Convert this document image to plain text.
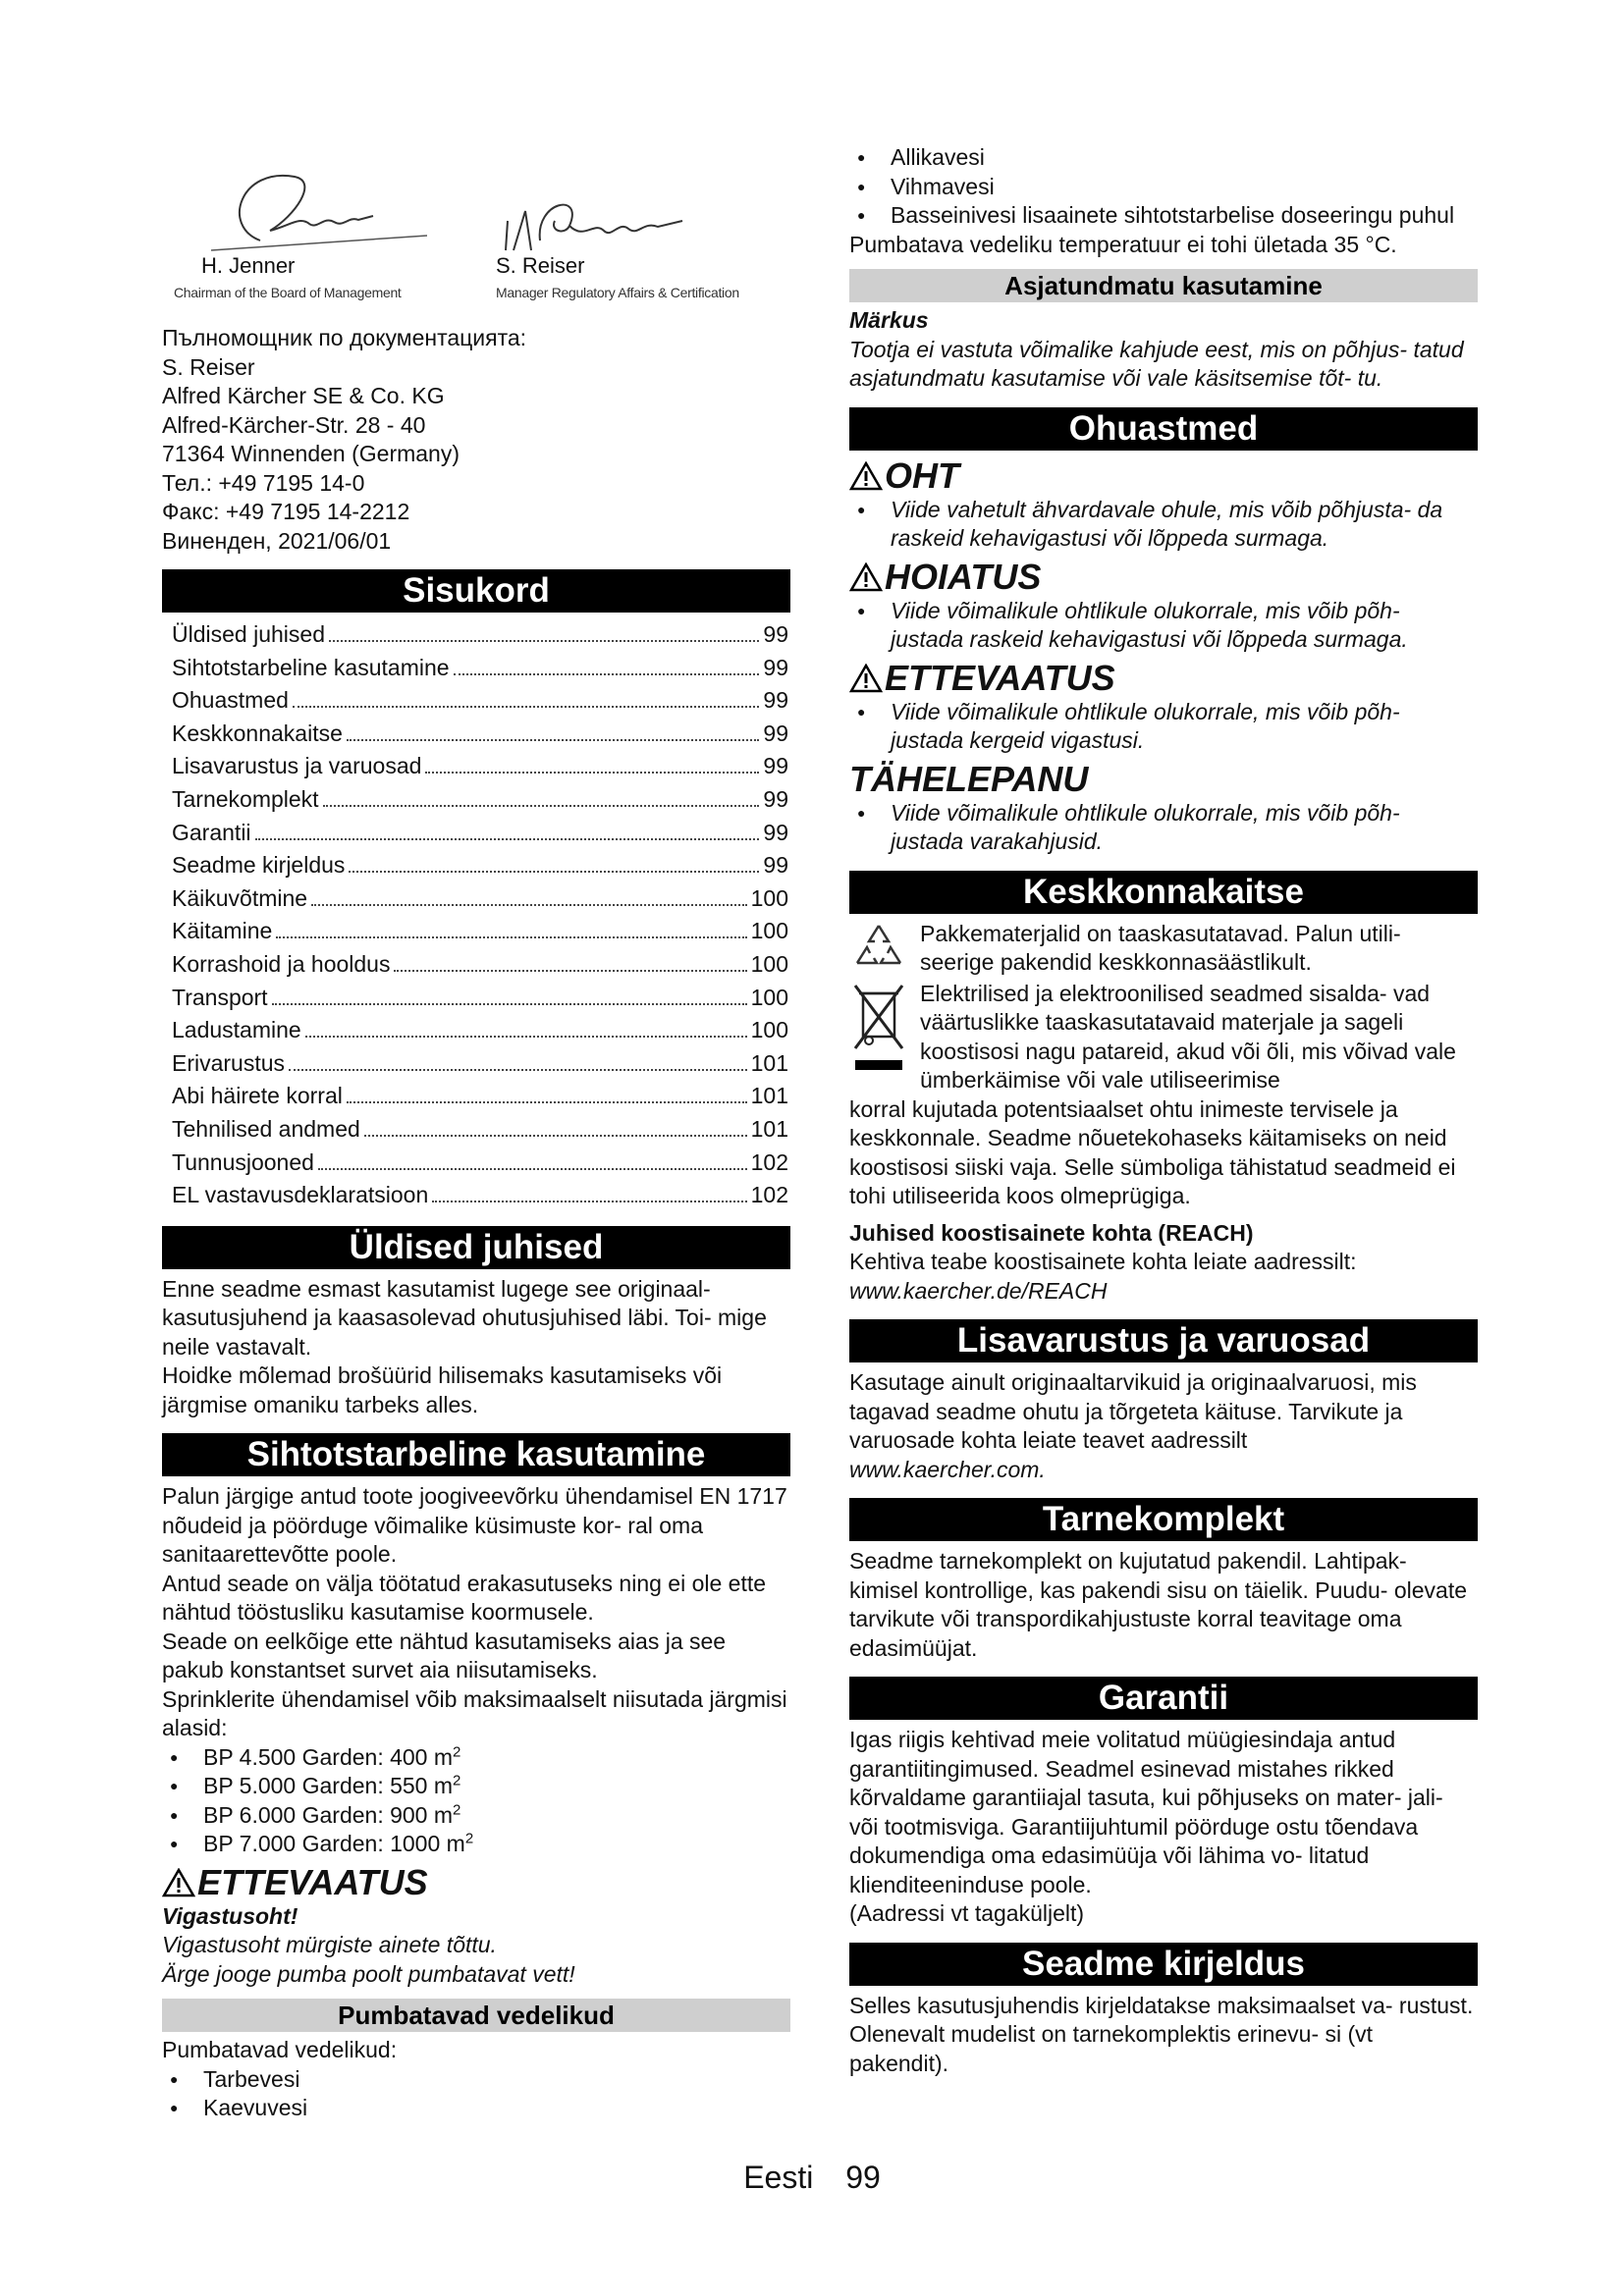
H. Jenner
Chairman of the Board of Management
S. Reiser
Manager Regulatory Affairs & Certification

Пълномощник по документацията:

S. Reiser

Alfred Kärcher SE & Co. KG

Alfred-Kärcher-Str. 28 - 40

71364 Winnenden (Germany)

Тел.: +49 7195 14-0

Факс: +49 7195 14-2212

Виненден, 2021/06/01

Sisukord
Üldised juhised	99
Sihtotstarbeline kasutamine	99
Ohuastmed	99
Keskkonnakaitse	99
Lisavarustus ja varuosad	99
Tarnekomplekt	99
Garantii	99
Seadme kirjeldus	99
Käikuvõtmine	100
Käitamine	100
Korrashoid ja hooldus	100
Transport	100
Ladustamine	100
Erivarustus	101
Abi häirete korral	101
Tehnilised andmed	101
Tunnusjooned	102
EL vastavusdeklaratsioon	102
Üldised juhised

Enne seadme esmast kasutamist lugege see originaal- kasutusjuhend ja kaasasolevad ohutusjuhised läbi. Toi- mige neile vastavalt.

Hoidke mõlemad brošüürid hilisemaks kasutamiseks või järgmise omaniku tarbeks alles.

Sihtotstarbeline kasutamine

Palun järgige antud toote joogiveevõrku ühendamisel EN 1717 nõudeid ja pöörduge võimalike küsimuste kor- ral oma sanitaarettevõtte poole.

Antud seade on välja töötatud erakasutuseks ning ei ole ette nähtud tööstusliku kasutamise koormusele.

Seade on eelkõige ette nähtud kasutamiseks aias ja see pakub konstantset survet aia niisutamiseks.

Sprinklerite ühendamisel võib maksimaalselt niisutada järgmisi alasid:

● BP 4.500 Garden: 400 $m^2$
● BP 5.000 Garden: 550 $m^2$
● BP 6.000 Garden: 900 $m^2$
● BP 7.000 Garden: 1000 $m^2$
ETTEVAATUS

Vigastusoht!

Vigastusoht mürgiste ainete tõttu.

Ärge jooge pumba poolt pumbatavat vett!

Pumbatavad vedelikud

Pumbatavad vedelikud:

● Tarbevesi
● Kaevuvesi
● Allikavesi
● Vihmavesi
● Basseinivesi lisaainete sihtotstarbelise doseeringu puhul

Pumbatava vedeliku temperatuur ei tohi ületada 35 °C.

Asjatundmatu kasutamine

Märkus

Tootja ei vastuta võimalike kahjude eest, mis on põhjus- tatud asjatundmatu kasutamise või vale käsitsemise tõt- tu.

Ohuastmed
OHT
● Viide vahetult ähvardavale ohule, mis võib põhjusta- da raskeid kehavigastusi või lõppeda surmaga.
HOIATUS
● Viide võimalikule ohtlikule olukorrale, mis võib põh- justada raskeid kehavigastusi või lõppeda surmaga.
ETTEVAATUS
● Viide võimalikule ohtlikule olukorrale, mis võib põh- justada kergeid vigastusi.
TÄHELEPANU
● Viide võimalikule ohtlikule olukorrale, mis võib põh- justada varakahjusid.
Keskkonnakaitse

Pakkematerjalid on taaskasutatavad. Palun utili- seerige pakendid keskkonnasäästlikult.

Elektrilised ja elektroonilised seadmed sisalda- vad väärtuslikke taaskasutatavaid materjale ja sageli koostisosi nagu patareid, akud või õli, mis võivad vale ümberkäimise või vale utiliseerimise

korral kujutada potentsiaalset ohtu inimeste tervisele ja keskkonnale. Seadme nõuetekohaseks käitamiseks on neid koostisosi siiski vaja. Selle sümboliga tähistatud seadmeid ei tohi utiliseerida koos olmeprügiga.

Juhised koostisainete kohta (REACH)

Kehtiva teabe koostisainete kohta leiate aadressilt:

www.kaercher.de/REACH

Lisavarustus ja varuosad

Kasutage ainult originaaltarvikuid ja originaalvaruosi, mis tagavad seadme ohutu ja tõrgeteta käituse. Tarvikute ja varuosade kohta leiate teavet aadressilt

www.kaercher.com.

Tarnekomplekt

Seadme tarnekomplekt on kujutatud pakendil. Lahtipak- kimisel kontrollige, kas pakendi sisu on täielik. Puudu- olevate tarvikute või transpordikahjustuste korral teavitage oma edasimüüjat.

Garantii

Igas riigis kehtivad meie volitatud müügiesindaja antud garantiitingimused. Seadmel esinevad mistahes rikked kõrvaldame garantiiajal tasuta, kui põhjuseks on mater- jali- või tootmisviga. Garantiijuhtumil pöörduge ostu tõendava dokumendiga oma edasimüüja või lähima vo- litatud klienditeeninduse poole.

(Aadressi vt tagaküljelt)

Seadme kirjeldus

Selles kasutusjuhendis kirjeldatakse maksimaalset va- rustust. Olenevalt mudelist on tarnekomplektis erinevu- si (vt pakendit).

Eesti 99
